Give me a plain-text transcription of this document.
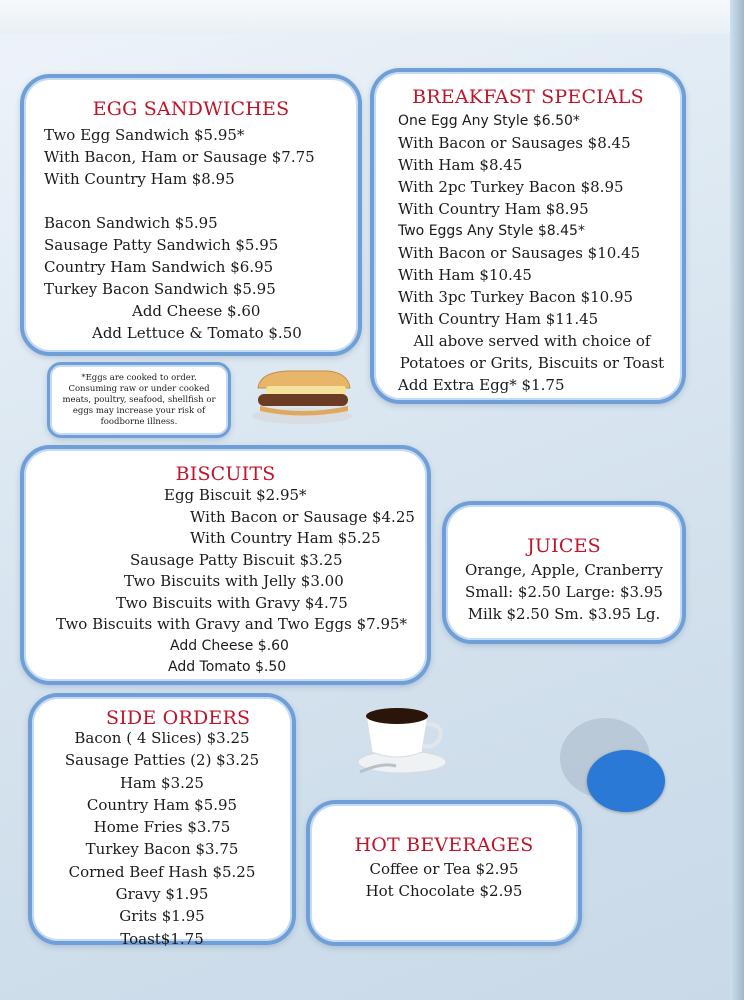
EGG SANDWICHES
Two Egg Sandwich $5.95*
With Bacon, Ham or Sausage $7.75
With Country Ham $8.95
Bacon Sandwich $5.95
Sausage Patty Sandwich $5.95
Country Ham Sandwich $6.95
Turkey Bacon Sandwich $5.95
Add Cheese $.60
Add Lettuce & Tomato $.50
BREAKFAST SPECIALS
One Egg Any Style $6.50*
With Bacon or Sausages $8.45
With Ham $8.45
With 2pc Turkey Bacon $8.95
With Country Ham $8.95
Two Eggs Any Style $8.45*
With Bacon or Sausages $10.45
With Ham $10.45
With 3pc Turkey Bacon $10.95
With Country Ham $11.45
All above served with choice of
Potatoes or Grits, Biscuits or Toast
Add Extra Egg* $1.75
*Eggs are cooked to order. Consuming raw or under cooked meats, poultry, seafood, shellfish or eggs may increase your risk of foodborne illness.
BISCUITS
Egg Biscuit $2.95*
With Bacon or Sausage $4.25
With Country Ham $5.25
Sausage Patty Biscuit $3.25
Two Biscuits with Jelly $3.00
Two Biscuits with Gravy $4.75
Two Biscuits with Gravy and Two Eggs $7.95*
Add Cheese $.60
Add Tomato $.50
JUICES
Orange, Apple, Cranberry
Small: $2.50 Large: $3.95
Milk $2.50 Sm. $3.95 Lg.
SIDE ORDERS
Bacon ( 4 Slices) $3.25
Sausage Patties (2) $3.25
Ham $3.25
Country Ham $5.95
Home Fries $3.75
Turkey Bacon $3.75
Corned Beef Hash $5.25
Gravy $1.95
Grits $1.95
Toast$1.75
HOT BEVERAGES
Coffee or Tea $2.95
Hot Chocolate $2.95
